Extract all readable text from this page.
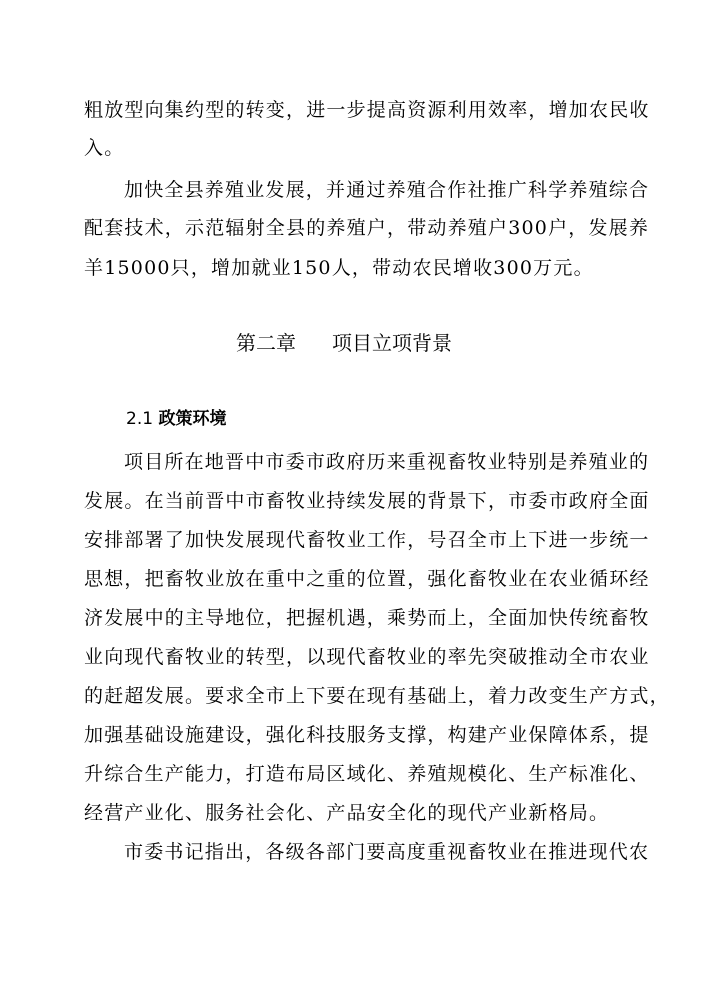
粗放型向集约型的转变，进一步提高资源利用效率，增加农民收
入。
加快全县养殖业发展，并通过养殖合作社推广科学养殖综合
配套技术，示范辐射全县的养殖户，带动养殖户300户，发展养
羊15000只，增加就业150人，带动农民增收300万元。
第二章 项目立项背景
2.1 政策环境
项目所在地晋中市委市政府历来重视畜牧业特别是养殖业的
发展。在当前晋中市畜牧业持续发展的背景下，市委市政府全面
安排部署了加快发展现代畜牧业工作，号召全市上下进一步统一
思想，把畜牧业放在重中之重的位置，强化畜牧业在农业循环经
济发展中的主导地位，把握机遇，乘势而上，全面加快传统畜牧
业向现代畜牧业的转型，以现代畜牧业的率先突破推动全市农业
的赶超发展。要求全市上下要在现有基础上，着力改变生产方式，
加强基础设施建设，强化科技服务支撑，构建产业保障体系，提
升综合生产能力，打造布局区域化、养殖规模化、生产标准化、
经营产业化、服务社会化、产品安全化的现代产业新格局。
市委书记指出，各级各部门要高度重视畜牧业在推进现代农
